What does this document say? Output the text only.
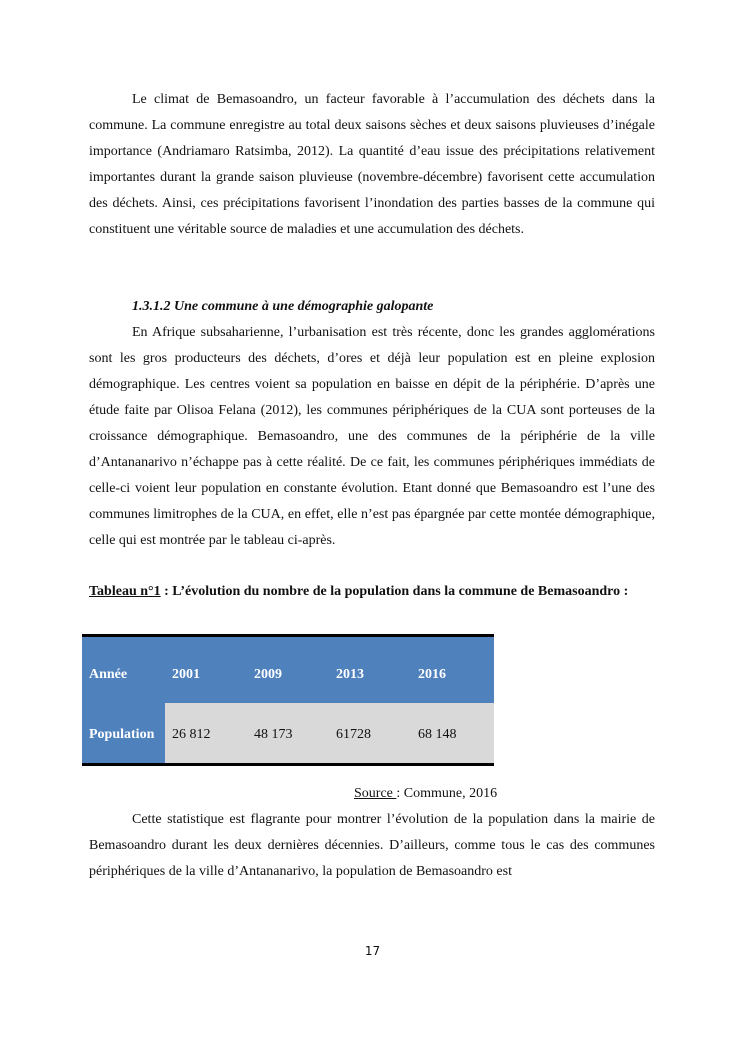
Le climat de Bemasoandro, un facteur favorable à l’accumulation des déchets dans la commune. La commune enregistre au total deux saisons sèches et deux saisons pluvieuses d’inégale importance (Andriamaro Ratsimba, 2012). La quantité d’eau issue des précipitations relativement importantes durant la grande saison pluvieuse (novembre-décembre) favorisent cette accumulation des déchets. Ainsi, ces précipitations favorisent l’inondation des parties basses de la commune qui constituent une véritable source de maladies et une accumulation des déchets.

1.3.1.2 Une commune à une démographie galopante

En Afrique subsaharienne, l’urbanisation est très récente, donc les grandes agglomérations sont les gros producteurs des déchets, d’ores et déjà leur population est en pleine explosion démographique. Les centres voient sa population en baisse en dépit de la périphérie. D’après une étude faite par Olisoa Felana (2012), les communes périphériques de la CUA sont porteuses de la croissance démographique. Bemasoandro, une des communes de la périphérie de la ville d’Antananarivo n’échappe pas à cette réalité. De ce fait, les communes périphériques immédiats de celle-ci voient leur population en constante évolution. Etant donné que Bemasoandro est l’une des communes limitrophes de la CUA, en effet, elle n’est pas épargnée par cette montée démographique, celle qui est montrée par le tableau ci-après.

Tableau n°1 : L’évolution du nombre de la population dans la commune de Bemasoandro :

Année	2001	2009	2013	2016
Population	26 812	48 173	61728	68 148

Source : Commune, 2016

Cette statistique est flagrante pour montrer l’évolution de la population dans la mairie de Bemasoandro durant les deux dernières décennies. D’ailleurs, comme tous le cas des communes périphériques de la ville d’Antananarivo, la population de Bemasoandro est

17
